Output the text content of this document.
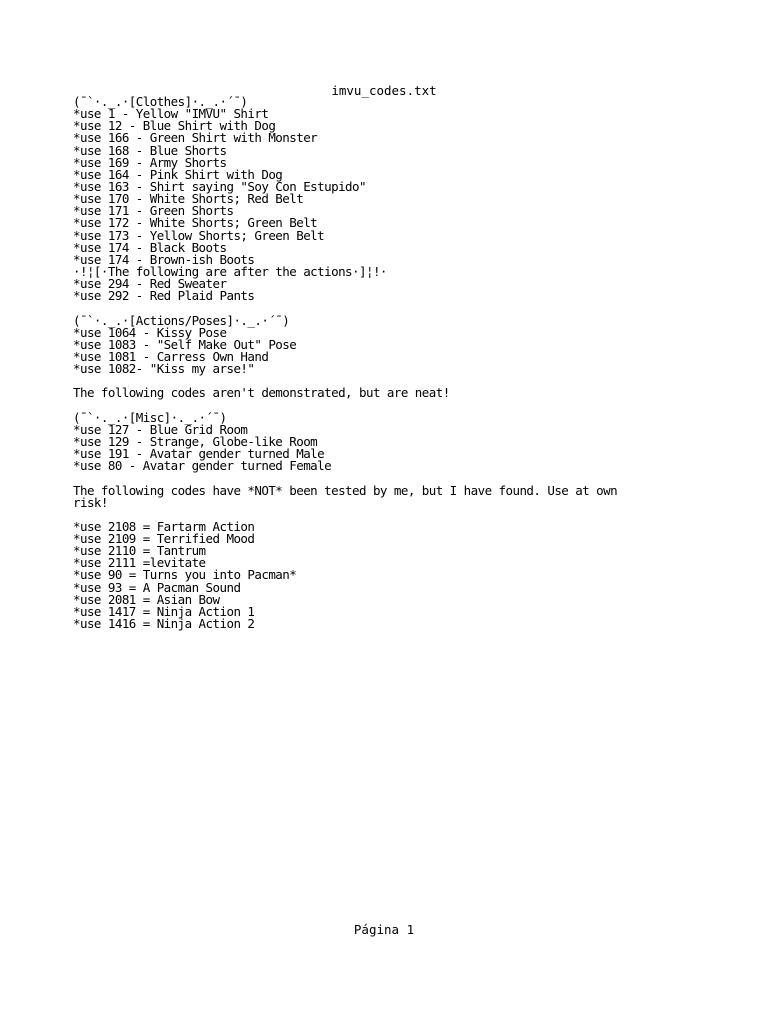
imvu_codes.txt
(¯`·._.·[Clothes]·._.·´¯)
*use 1 - Yellow "IMVU" Shirt
*use 12 - Blue Shirt with Dog
*use 166 - Green Shirt with Monster
*use 168 - Blue Shorts
*use 169 - Army Shorts
*use 164 - Pink Shirt with Dog
*use 163 - Shirt saying "Soy Con Estupido"
*use 170 - White Shorts; Red Belt
*use 171 - Green Shorts
*use 172 - White Shorts; Green Belt
*use 173 - Yellow Shorts; Green Belt
*use 174 - Black Boots
*use 174 - Brown-ish Boots
·!¦[·The following are after the actions·]¦!·
*use 294 - Red Sweater
*use 292 - Red Plaid Pants
(¯`·._.·[Actions/Poses]·._.·´¯)
*use 1064 - Kissy Pose
*use 1083 - "Self Make Out" Pose
*use 1081 - Carress Own Hand
*use 1082- "Kiss my arse!"
The following codes aren't demonstrated, but are neat!
(¯`·._.·[Misc]·._.·´¯)
*use 127 - Blue Grid Room
*use 129 - Strange, Globe-like Room
*use 191 - Avatar gender turned Male
*use 80 - Avatar gender turned Female
The following codes have *NOT* been tested by me, but I have found. Use at own
risk!
*use 2108 = Fartarm Action
*use 2109 = Terrified Mood
*use 2110 = Tantrum
*use 2111 =levitate
*use 90 = Turns you into Pacman*
*use 93 = A Pacman Sound
*use 2081 = Asian Bow
*use 1417 = Ninja Action 1
*use 1416 = Ninja Action 2
Página 1
